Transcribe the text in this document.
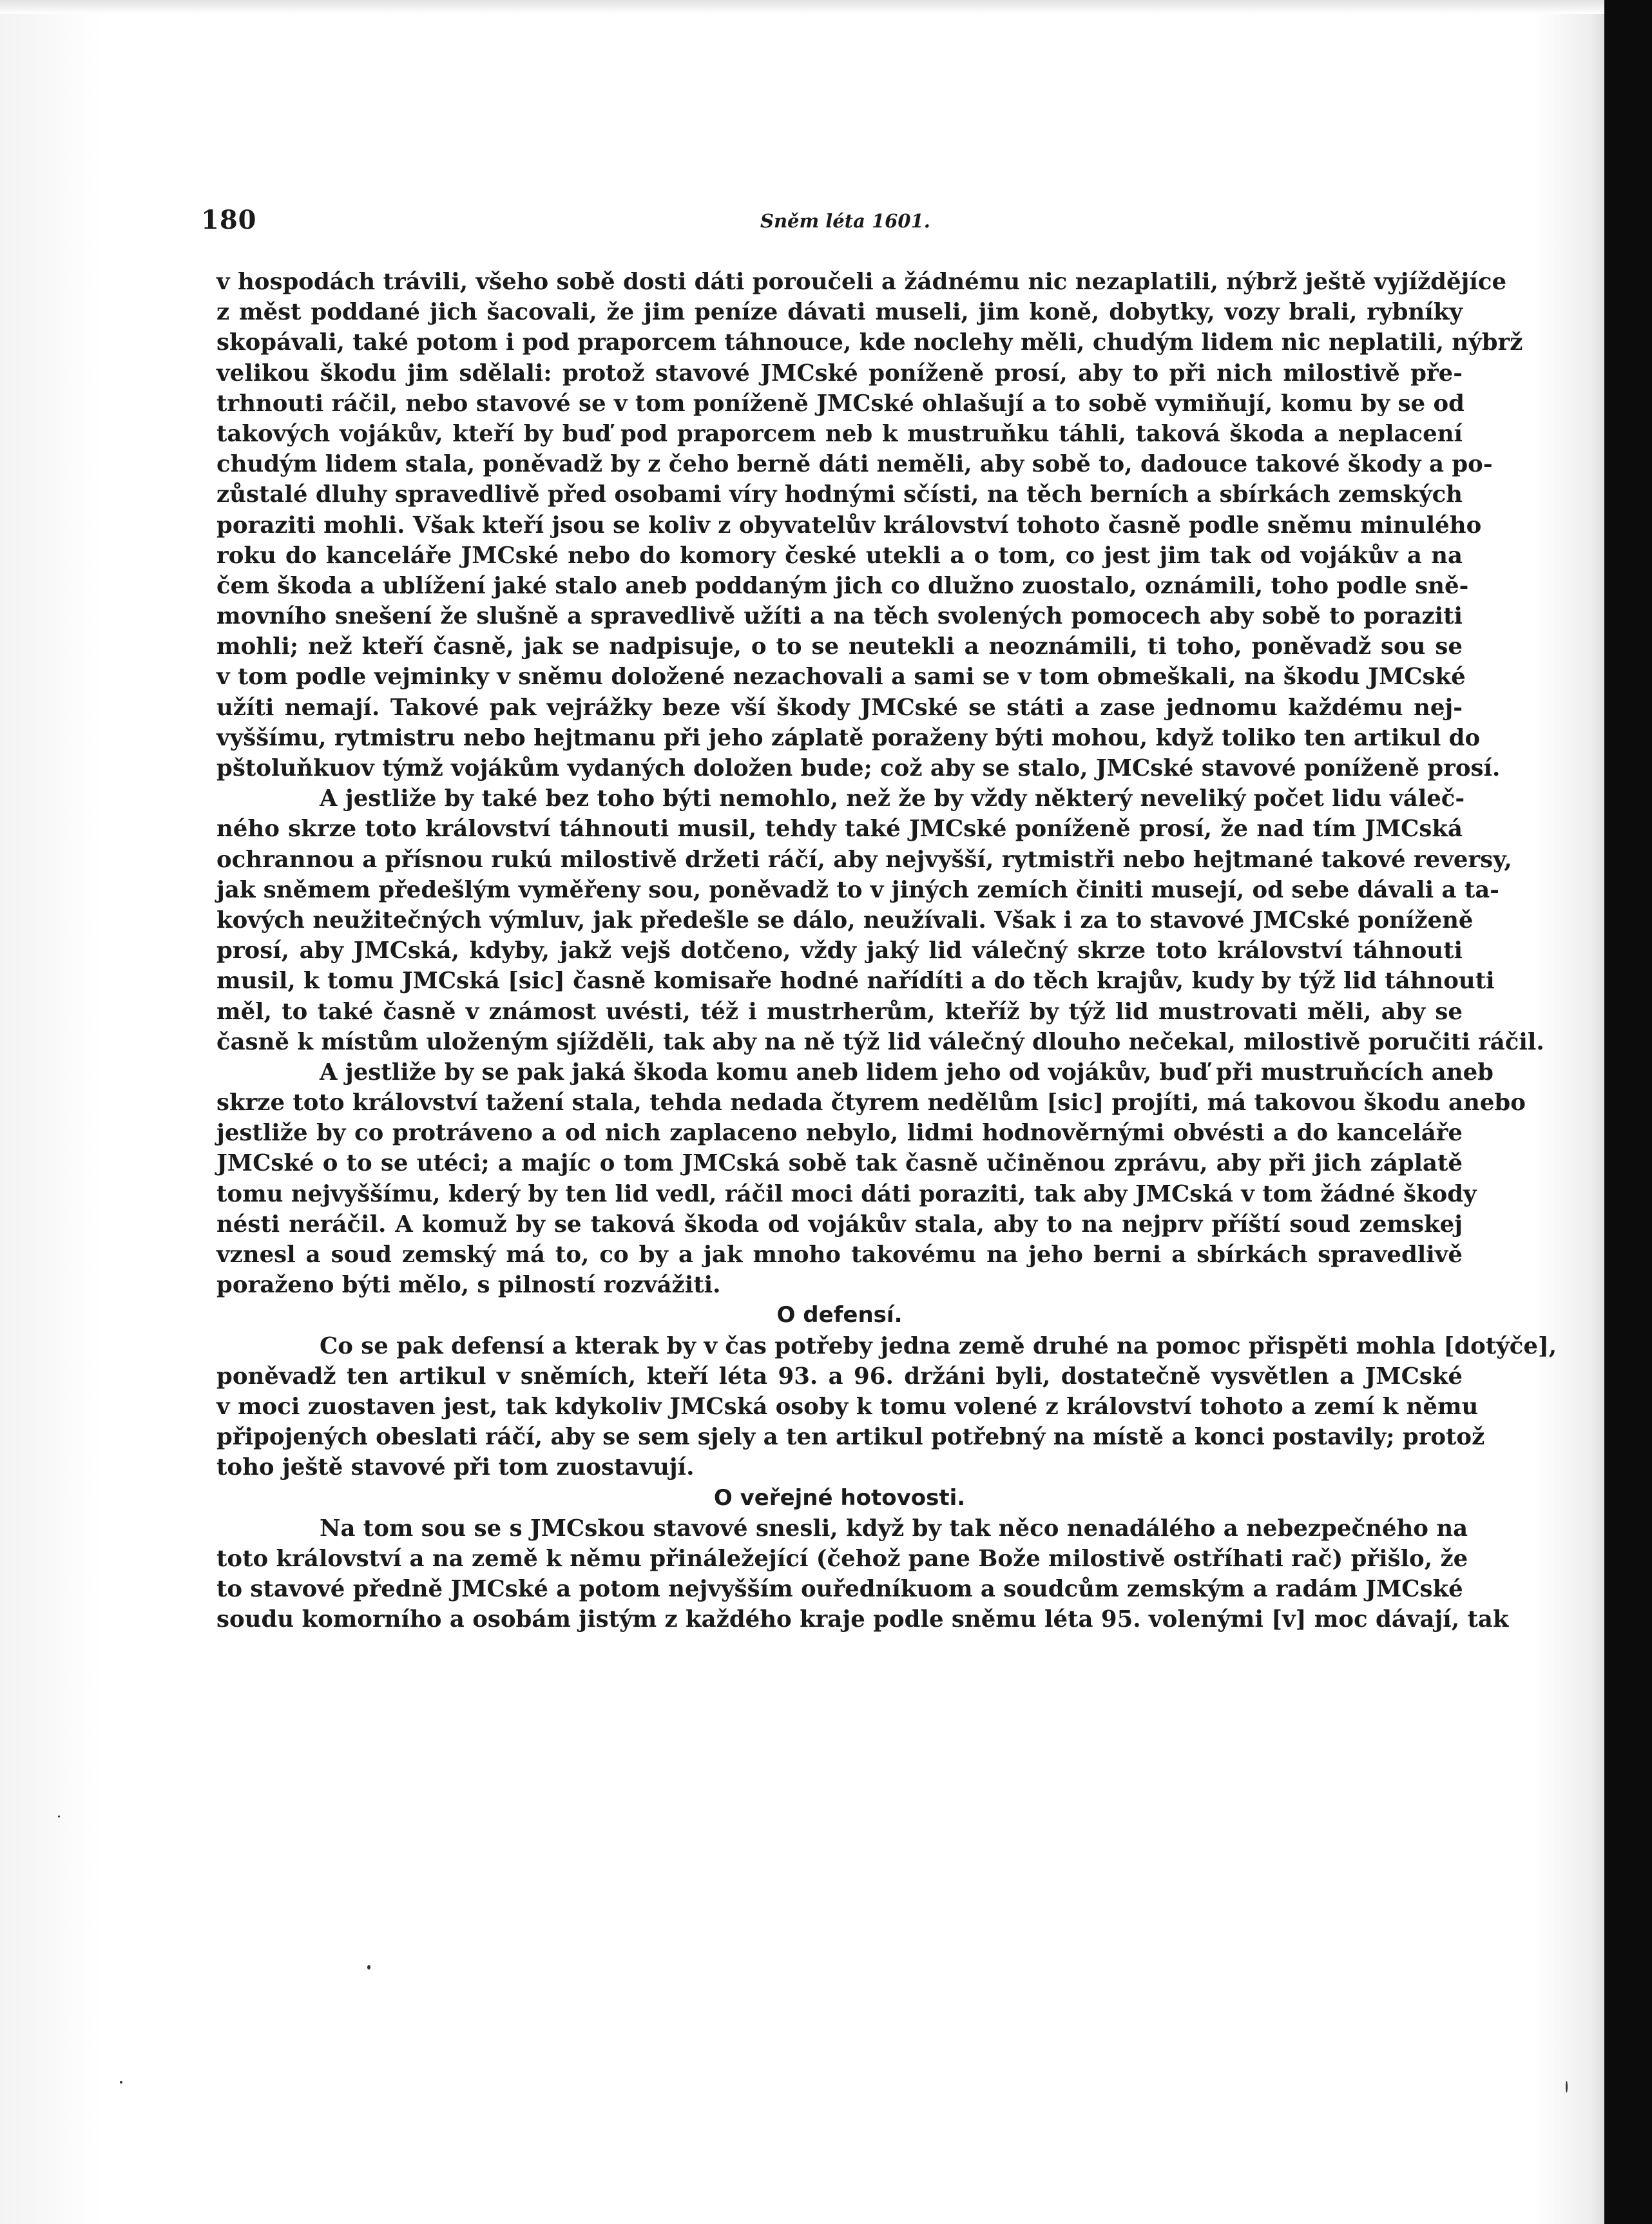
180	Sněm léta 1601.
v hospodách trávili, všeho sobě dosti dáti poroučeli a žádnému nic nezaplatili, nýbrž ještě vyjíždějíce
z měst poddané jich šacovali, že jim peníze dávati museli, jim koně, dobytky, vozy brali, rybníky
skopávali, také potom i pod praporcem táhnouce, kde noclehy měli, chudým lidem nic neplatili, nýbrž
velikou škodu jim sdělali: protož stavové JMCské poníženě prosí, aby to při nich milostivě pře-
trhnouti ráčil, nebo stavové se v tom poníženě JMCské ohlašují a to sobě vymiňují, komu by se od
takových vojákův, kteří by buď pod praporcem neb k mustruňku táhli, taková škoda a neplacení
chudým lidem stala, poněvadž by z čeho berně dáti neměli, aby sobě to, dadouce takové škody a po-
zůstalé dluhy spravedlivě před osobami víry hodnými sčísti, na těch berních a sbírkách zemských
poraziti mohli. Však kteří jsou se koliv z obyvatelův království tohoto časně podle sněmu minulého
roku do kanceláře JMCské nebo do komory české utekli a o tom, co jest jim tak od vojákův a na
čem škoda a ublížení jaké stalo aneb poddaným jich co dlužno zuostalo, oznámili, toho podle sně-
movního snešení že slušně a spravedlivě užíti a na těch svolených pomocech aby sobě to poraziti
mohli; než kteří časně, jak se nadpisuje, o to se neutekli a neoznámili, ti toho, poněvadž sou se
v tom podle vejminky v sněmu doložené nezachovali a sami se v tom obmeškali, na škodu JMCské
užíti nemají. Takové pak vejrážky beze vší škody JMCské se státi a zase jednomu každému nej-
vyššímu, rytmistru nebo hejtmanu při jeho záplatě poraženy býti mohou, když toliko ten artikul do
pštoluňkuov týmž vojákům vydaných doložen bude; což aby se stalo, JMCské stavové poníženě prosí.
A jestliže by také bez toho býti nemohlo, než že by vždy některý neveliký počet lidu váleč-
ného skrze toto království táhnouti musil, tehdy také JMCské poníženě prosí, že nad tím JMCská
ochrannou a přísnou rukú milostivě držeti ráčí, aby nejvyšší, rytmistři nebo hejtmané takové reversy,
jak sněmem předešlým vyměřeny sou, poněvadž to v jiných zemích činiti musejí, od sebe dávali a ta-
kových neužitečných výmluv, jak předešle se dálo, neužívali. Však i za to stavové JMCské poníženě
prosí, aby JMCská, kdyby, jakž vejš dotčeno, vždy jaký lid válečný skrze toto království táhnouti
musil, k tomu JMCská [sic] časně komisaře hodné nařídíti a do těch krajův, kudy by týž lid táhnouti
měl, to také časně v známost uvésti, též i mustrherům, kteříž by týž lid mustrovati měli, aby se
časně k místům uloženým sjížděli, tak aby na ně týž lid válečný dlouho nečekal, milostivě poručiti ráčil.
A jestliže by se pak jaká škoda komu aneb lidem jeho od vojákův, buď při mustruňcích aneb
skrze toto království tažení stala, tehda nedada čtyrem nedělům [sic] projíti, má takovou škodu anebo
jestliže by co protráveno a od nich zaplaceno nebylo, lidmi hodnověrnými obvésti a do kanceláře
JMCské o to se utéci; a majíc o tom JMCská sobě tak časně učiněnou zprávu, aby při jich záplatě
tomu nejvyššímu, kderý by ten lid vedl, ráčil moci dáti poraziti, tak aby JMCská v tom žádné škody
nésti neráčil. A komuž by se taková škoda od vojákův stala, aby to na nejprv příští soud zemskej
vznesl a soud zemský má to, co by a jak mnoho takovému na jeho berni a sbírkách spravedlivě
poraženo býti mělo, s pilností rozvážiti.
O defensí.
Co se pak defensí a kterak by v čas potřeby jedna země druhé na pomoc přispěti mohla [dotýče],
poněvadž ten artikul v sněmích, kteří léta 93. a 96. držáni byli, dostatečně vysvětlen a JMCské
v moci zuostaven jest, tak kdykoliv JMCská osoby k tomu volené z království tohoto a zemí k němu
připojených obeslati ráčí, aby se sem sjely a ten artikul potřebný na místě a konci postavily; protož
toho ještě stavové při tom zuostavují.
O veřejné hotovosti.
Na tom sou se s JMCskou stavové snesli, když by tak něco nenadálého a nebezpečného na
toto království a na země k němu přináležející (čehož pane Bože milostivě ostříhati rač) přišlo, že
to stavové předně JMCské a potom nejvyšším ouředníkuom a soudcům zemským a radám JMCské
soudu komorního a osobám jistým z každého kraje podle sněmu léta 95. volenými [v] moc dávají, tak
